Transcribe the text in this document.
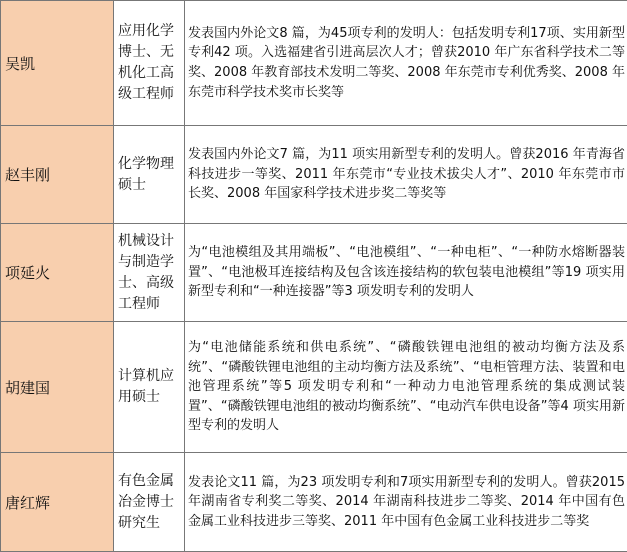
吴凯	应用化学博士、无机化工高级工程师	发表国内外论文8 篇，为45项专利的发明人：包括发明专利17项、实用新型专利42 项。入选福建省引进高层次人才；曾获2010 年广东省科学技术二等奖、2008 年教育部技术发明二等奖、2008 年东莞市专利优秀奖、2008 年东莞市科学技术奖市长奖等
赵丰刚	化学物理硕士	发表国内外论文7 篇，为11 项实用新型专利的发明人。曾获2016 年青海省科技进步一等奖、2011 年东莞市“专业技术拔尖人才”、2010 年东莞市市长奖、2008 年国家科学技术进步奖二等奖等
项延火	机械设计与制造学士、高级工程师	为“电池模组及其用端板”、“电池模组”、“一种电柜”、“一种防水熔断器装置”、“电池极耳连接结构及包含该连接结构的软包装电池模组”等19 项实用新型专利和“一种连接器”等3 项发明专利的发明人
胡建国	计算机应用硕士	为“电池储能系统和供电系统”、“磷酸铁锂电池组的被动均衡方法及系统”、“磷酸铁锂电池组的主动均衡方法及系统”、“电柜管理方法、装置和电池管理系统”等5 项发明专利和“一种动力电池管理系统的集成测试装置”、“磷酸铁锂电池组的被动均衡系统”、“电动汽车供电设备”等4 项实用新型专利的发明人
唐红辉	有色金属冶金博士研究生	发表论文11 篇，为23 项发明专利和7项实用新型专利的发明人。曾获2015 年湖南省专利奖二等奖、2014 年湖南科技进步二等奖、2014 年中国有色金属工业科技进步三等奖、2011 年中国有色金属工业科技进步二等奖
